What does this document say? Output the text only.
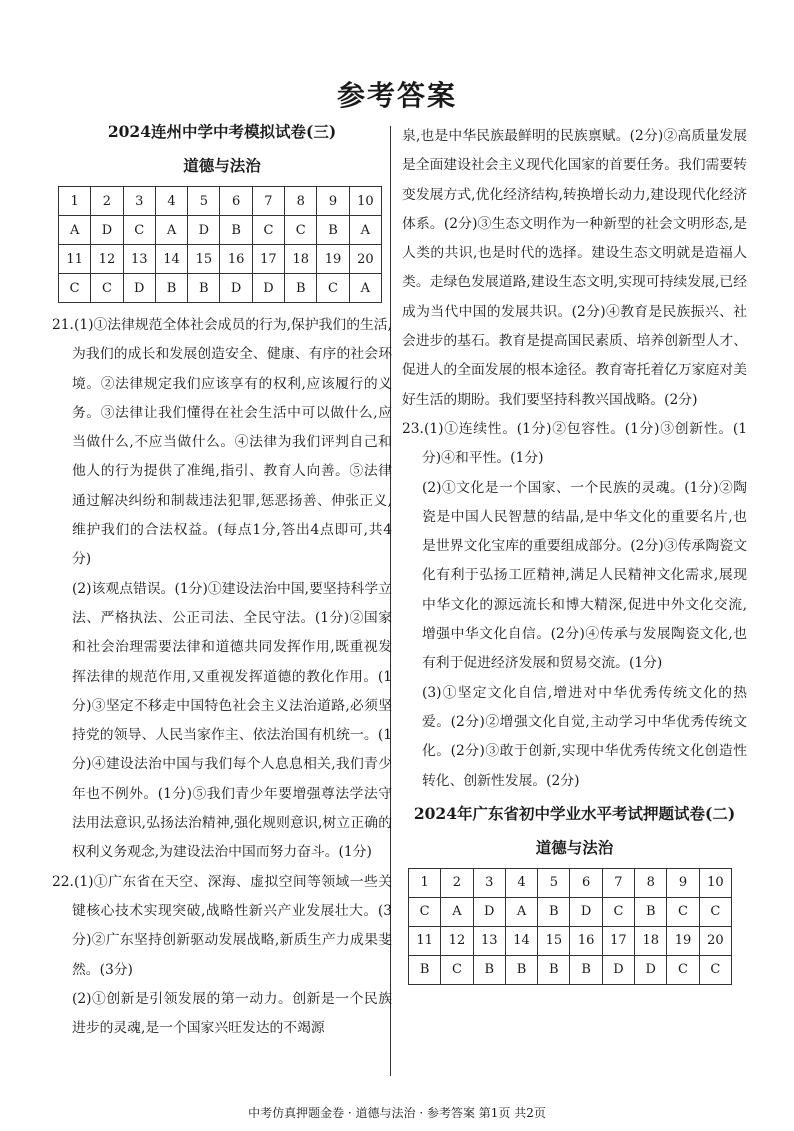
参考答案
2024连州中学中考模拟试卷(三)
道德与法治
1	2	3	4	5	6	7	8	9	10
A	D	C	A	D	B	C	C	B	A
11	12	13	14	15	16	17	18	19	20
C	C	D	B	B	D	D	B	C	A
21.(1)①法律规范全体社会成员的行为,保护我们的生活,为我们的成长和发展创造安全、健康、有序的社会环境。②法律规定我们应该享有的权利,应该履行的义务。③法律让我们懂得在社会生活中可以做什么,应当做什么,不应当做什么。④法律为我们评判自己和他人的行为提供了准绳,指引、教育人向善。⑤法律通过解决纠纷和制裁违法犯罪,惩恶扬善、伸张正义,维护我们的合法权益。(每点1分,答出4点即可,共4分)
(2)该观点错误。(1分)①建设法治中国,要坚持科学立法、严格执法、公正司法、全民守法。(1分)②国家和社会治理需要法律和道德共同发挥作用,既重视发挥法律的规范作用,又重视发挥道德的教化作用。(1分)③坚定不移走中国特色社会主义法治道路,必须坚持党的领导、人民当家作主、依法治国有机统一。(1分)④建设法治中国与我们每个人息息相关,我们青少年也不例外。(1分)⑤我们青少年要增强尊法学法守法用法意识,弘扬法治精神,强化规则意识,树立正确的权利义务观念,为建设法治中国而努力奋斗。(1分)
22.(1)①广东省在天空、深海、虚拟空间等领域一些关键核心技术实现突破,战略性新兴产业发展壮大。(3分)②广东坚持创新驱动发展战略,新质生产力成果斐然。(3分)
(2)①创新是引领发展的第一动力。创新是一个民族进步的灵魂,是一个国家兴旺发达的不竭源
泉,也是中华民族最鲜明的民族禀赋。(2分)②高质量发展是全面建设社会主义现代化国家的首要任务。我们需要转变发展方式,优化经济结构,转换增长动力,建设现代化经济体系。(2分)③生态文明作为一种新型的社会文明形态,是人类的共识,也是时代的选择。建设生态文明就是造福人类。走绿色发展道路,建设生态文明,实现可持续发展,已经成为当代中国的发展共识。(2分)④教育是民族振兴、社会进步的基石。教育是提高国民素质、培养创新型人才、促进人的全面发展的根本途径。教育寄托着亿万家庭对美好生活的期盼。我们要坚持科教兴国战略。(2分)
23.(1)①连续性。(1分)②包容性。(1分)③创新性。(1分)④和平性。(1分)
(2)①文化是一个国家、一个民族的灵魂。(1分)②陶瓷是中国人民智慧的结晶,是中华文化的重要名片,也是世界文化宝库的重要组成部分。(2分)③传承陶瓷文化有利于弘扬工匠精神,满足人民精神文化需求,展现中华文化的源远流长和博大精深,促进中外文化交流,增强中华文化自信。(2分)④传承与发展陶瓷文化,也有利于促进经济发展和贸易交流。(1分)
(3)①坚定文化自信,增进对中华优秀传统文化的热爱。(2分)②增强文化自觉,主动学习中华优秀传统文化。(2分)③敢于创新,实现中华优秀传统文化创造性转化、创新性发展。(2分)
2024年广东省初中学业水平考试押题试卷(二)
道德与法治
1	2	3	4	5	6	7	8	9	10
C	A	D	A	B	D	C	B	C	C
11	12	13	14	15	16	17	18	19	20
B	C	B	B	B	B	D	D	C	C
中考仿真押题金卷 · 道德与法治 · 参考答案 第1页 共2页
